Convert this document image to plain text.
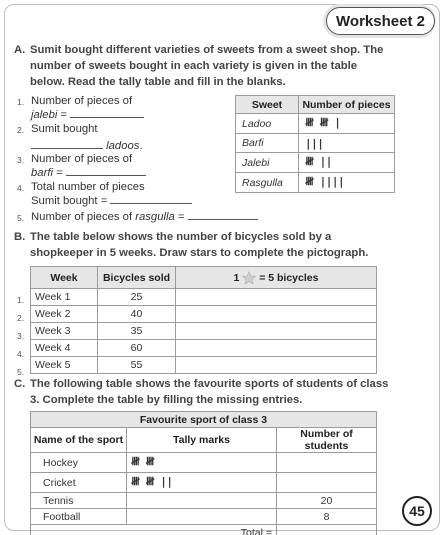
Worksheet 2
A. Sumit bought different varieties of sweets from a sweet shop. The number of sweets bought in each variety is given in the table below. Read the tally table and fill in the blanks.
1. Number of pieces of
jalebi =
2. Sumit bought
ladoos.
3. Number of pieces of
barfi =
4. Total number of pieces
Sumit bought =
5. Number of pieces of rasgulla =
Sweet	Number of pieces
Ladoo	𝍸 𝍸 |
Barfi	|||
Jalebi	𝍸 ||
Rasgulla	𝍸 ||||
B. The table below shows the number of bicycles sold by a shopkeeper in 5 weeks. Draw stars to complete the pictograph.
Week	Bicycles sold	1 = 5 bicycles
Week 1	25	
Week 2	40	
Week 3	35	
Week 4	60	
Week 5	55	
1.
2.
3.
4.
5.
C. The following table shows the favourite sports of students of class 3. Complete the table by filling the missing entries.
Favourite sport of class 3		
Name of the sport	Tally marks	Number of students
Hockey	𝍸 𝍸	
Cricket	𝍸 𝍸 ||	
Tennis		20
Football		8
Total =		
45
